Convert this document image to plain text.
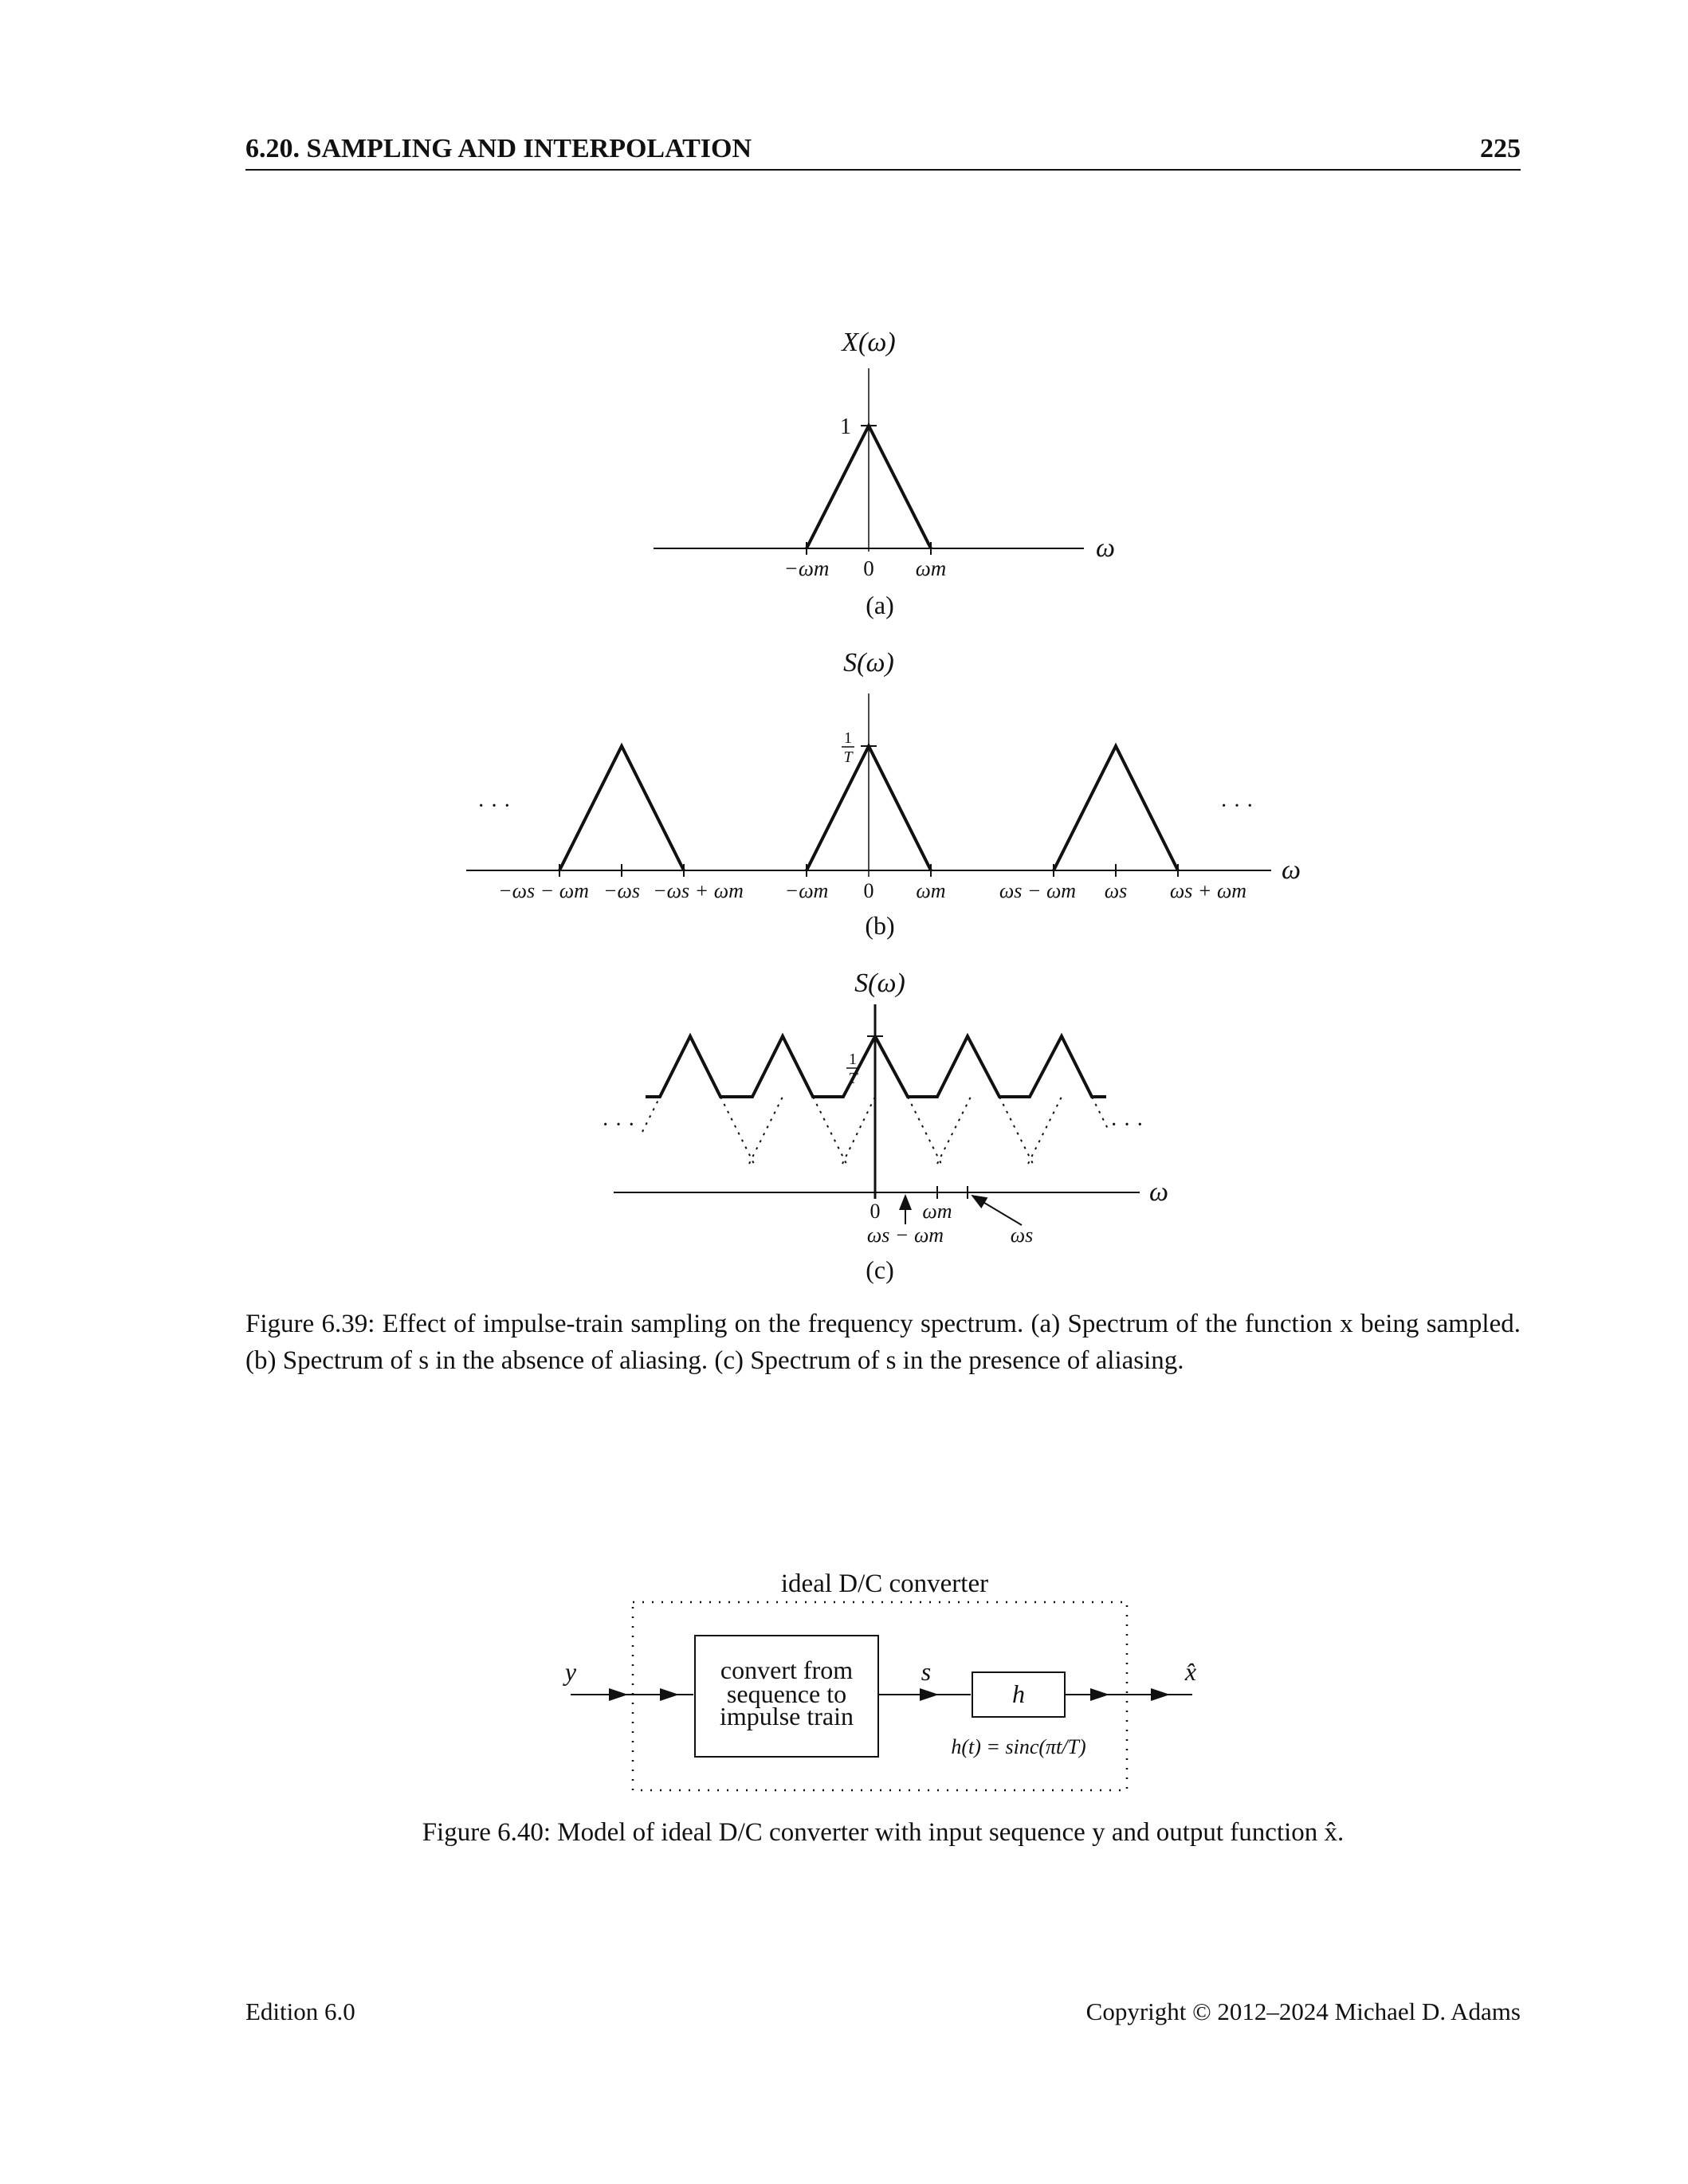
6.20. SAMPLING AND INTERPOLATION	225
X(ω)
ω
1
−ωm 0 ωm
(a)
S(ω)
ω
1
T
· · ·	· · ·
−ωs − ωm −ωs −ωs + ωm −ωm 0 ωm	ωs − ωm ωs ωs + ωm
(b)
S(ω)
ω
1
T
· · ·	· · ·
0 ωm
ωs − ωm	ωs
(c)
Figure 6.39: Effect of impulse-train sampling on the frequency spectrum. (a) Spectrum of the function x being sampled. (b) Spectrum of s in the absence of aliasing. (c) Spectrum of s in the presence of aliasing.
ideal D/C converter
convert from
sequence to
impulse train
h
y	s	x̂
h(t) = sinc(πt/T)
Figure 6.40: Model of ideal D/C converter with input sequence y and output function x̂.
Edition 6.0	Copyright © 2012–2024 Michael D. Adams
